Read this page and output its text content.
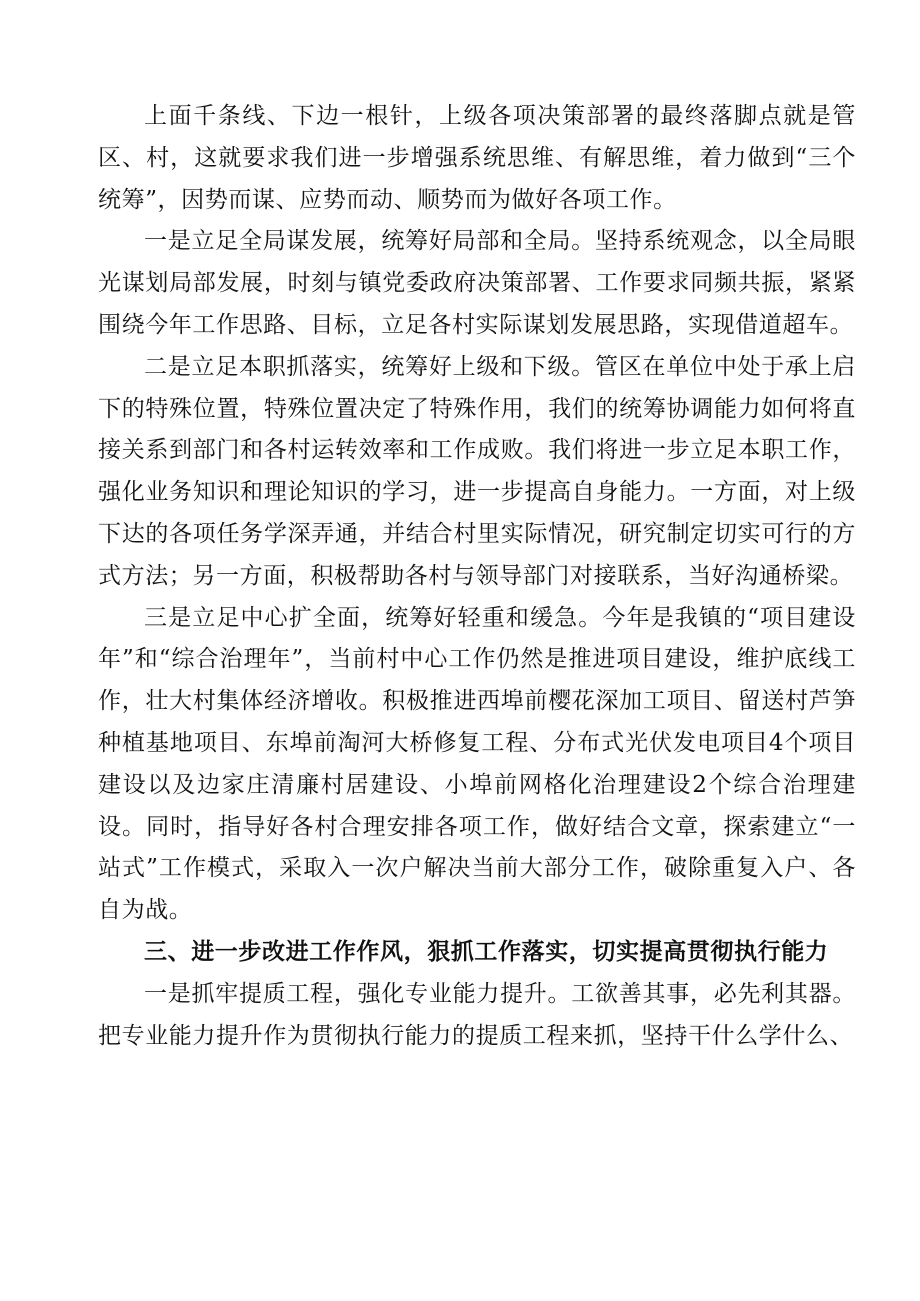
上面千条线、下边一根针，上级各项决策部署的最终落脚点就是管区、村，这就要求我们进一步增强系统思维、有解思维，着力做到“三个统筹”，因势而谋、应势而动、顺势而为做好各项工作。

一是立足全局谋发展，统筹好局部和全局。坚持系统观念，以全局眼光谋划局部发展，时刻与镇党委政府决策部署、工作要求同频共振，紧紧围绕今年工作思路、目标，立足各村实际谋划发展思路，实现借道超车。

二是立足本职抓落实，统筹好上级和下级。管区在单位中处于承上启下的特殊位置，特殊位置决定了特殊作用，我们的统筹协调能力如何将直接关系到部门和各村运转效率和工作成败。我们将进一步立足本职工作，强化业务知识和理论知识的学习，进一步提高自身能力。一方面，对上级下达的各项任务学深弄通，并结合村里实际情况，研究制定切实可行的方式方法；另一方面，积极帮助各村与领导部门对接联系，当好沟通桥梁。

三是立足中心扩全面，统筹好轻重和缓急。今年是我镇的“项目建设年”和“综合治理年”，当前村中心工作仍然是推进项目建设，维护底线工作，壮大村集体经济增收。积极推进西埠前樱花深加工项目、留送村芦笋种植基地项目、东埠前淘河大桥修复工程、分布式光伏发电项目4个项目建设以及边家庄清廉村居建设、小埠前网格化治理建设2个综合治理建设。同时，指导好各村合理安排各项工作，做好结合文章，探索建立“一站式”工作模式，采取入一次户解决当前大部分工作，破除重复入户、各自为战。

三、进一步改进工作作风，狠抓工作落实，切实提高贯彻执行能力

一是抓牢提质工程，强化专业能力提升。工欲善其事，必先利其器。把专业能力提升作为贯彻执行能力的提质工程来抓，坚持干什么学什么、
